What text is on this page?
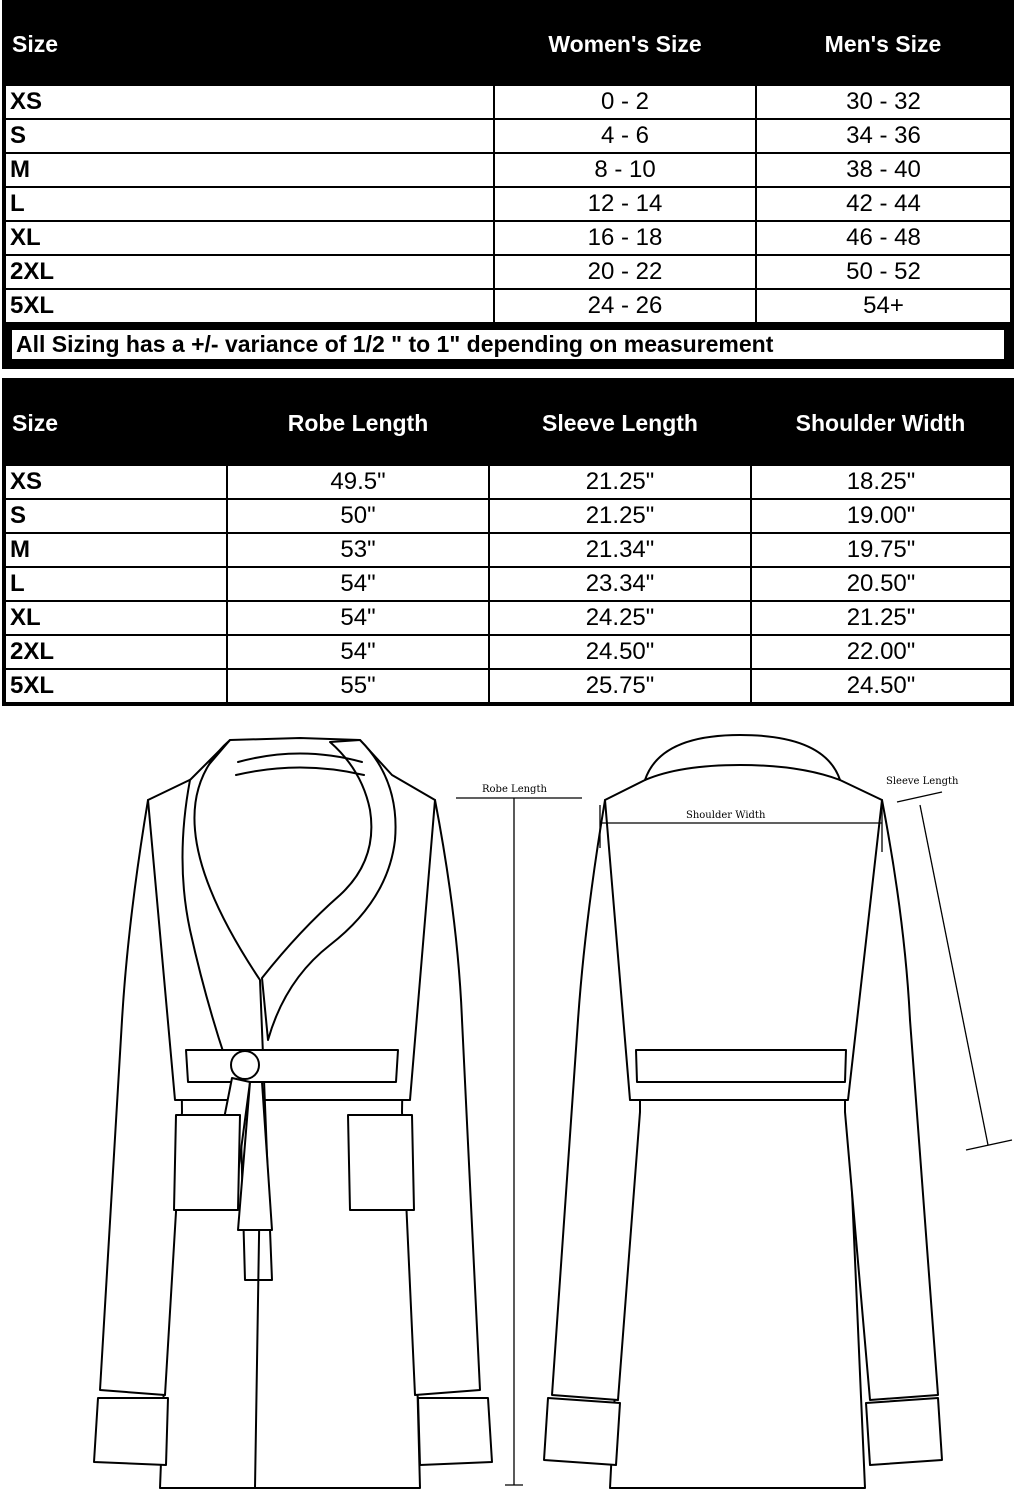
Size	Women's Size	Men's Size
XS	0 - 2	30 - 32
S	4 - 6	34 - 36
M	8 - 10	38 - 40
L	12 - 14	42 - 44
XL	16 - 18	46 - 48
2XL	20 - 22	50 - 52
5XL	24 - 26	54+

All Sizing has a +/- variance of 1/2 " to 1" depending on measurement		
Size	Robe Length	Sleeve Length	Shoulder Width
XS	49.5"	21.25"	18.25"
S	50"	21.25"	19.00"
M	53"	21.34"	19.75"
L	54"	23.34"	20.50"
XL	54"	24.25"	21.25"
2XL	54"	24.50"	22.00"
5XL	55"	25.75"	24.50"
Robe Length
Shoulder Width
Sleeve Length
